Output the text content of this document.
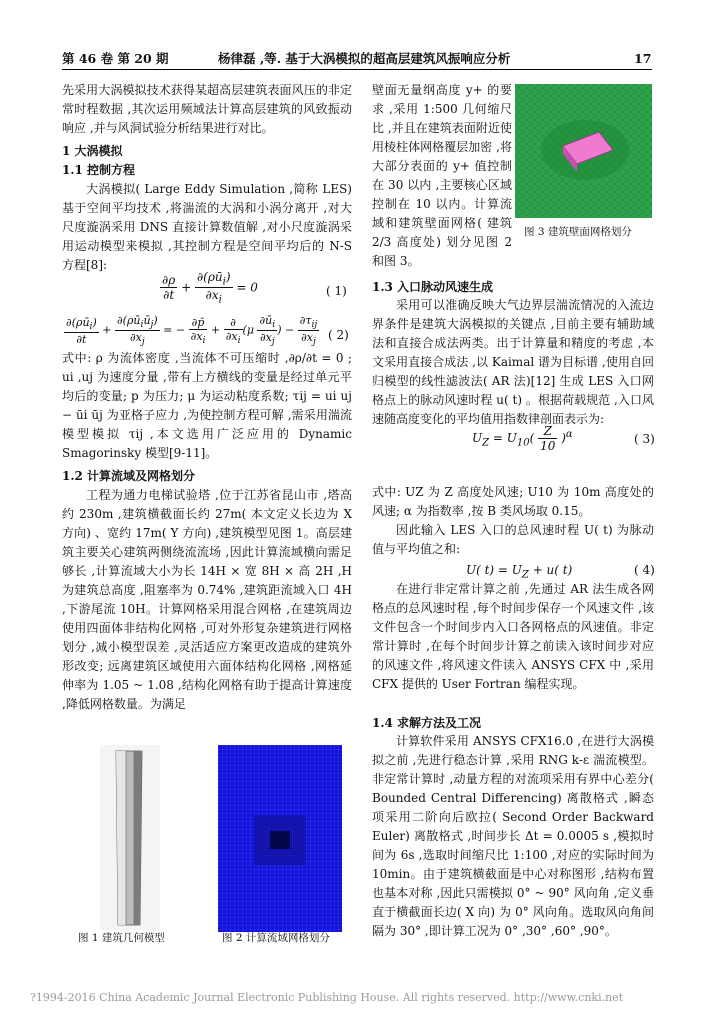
第 46 卷 第 20 期	杨律磊 ,等. 基于大涡模拟的超高层建筑风振响应分析	17

先采用大涡模拟技术获得某超高层建筑表面风压的非定常时程数据 ,其次运用频域法计算高层建筑的风致振动响应 ,并与风洞试验分析结果进行对比。

1 大涡模拟
1.1 控制方程

大涡模拟( Large Eddy Simulation ,简称 LES) 基于空间平均技术 ,将湍流的大涡和小涡分离开 ,对大尺度漩涡采用 DNS 直接计算数值解 ,对小尺度漩涡采用运动模型来模拟 ,其控制方程是空间平均后的 N-S 方程[8]:

$\frac{\partial\rho}{\partial t} + \frac{\partial(\rho ū_i)}{\partial x_i} = 0$	( 1)
$\frac{\partial(\rho ū_i)}{\partial t} + \frac{\partial(\rho ū_iū_j)}{\partial x_j}$ = − $\frac{\partial p̄}{\partial x_i} + \frac{\partial}{\partial x_i} (\mu \frac{\partial ū_i}{\partial x_j}$ ) − $\frac{\partial\tau_{ij}}{\partial x_j}$ ( 2)

式中: ρ 为流体密度 ,当流体不可压缩时 ,∂ρ/∂t = 0 ; ui ,uj 为速度分量 ,带有上方横线的变量是经过单元平均后的变量; p 为压力; μ 为运动粘度系数; τij = ui uj − ūi ūj 为亚格子应力 ,为使控制方程可解 ,需采用湍流模型模拟 τij ,本文选用广泛应用的 Dynamic Smagorinsky 模型[9-11]。

1.2 计算流域及网格划分

工程为通力电梯试验塔 ,位于江苏省昆山市 ,塔高约 230m ,建筑横截面长约 27m( 本文定义长边为 X 方向) 、宽约 17m( Y 方向) ,建筑模型见图 1。高层建筑主要关心建筑两侧绕流流场 ,因此计算流域横向需足够长 ,计算流域大小为长 14H × 宽 8H × 高 2H ,H 为建筑总高度 ,阻塞率为 0.74% ,建筑距流域入口 4H ,下游尾流 10H。计算网格采用混合网格 ,在建筑周边使用四面体非结构化网格 ,可对外形复杂建筑进行网格划分 ,减小模型误差 ,灵活适应方案更改造成的建筑外形改变; 远离建筑区域使用六面体结构化网格 ,网格延伸率为 1.05 ~ 1.08 ,结构化网格有助于提高计算速度 ,降低网格数量。为满足

图 1 建筑几何模型	图 2 计算流域网格划分

壁面无量纲高度 y+ 的要求 ,采用 1:500 几何缩尺比 ,并且在建筑表面附近使用棱柱体网格覆层加密 ,将大部分表面的 y+ 值控制在 30 以内 ,主要核心区域控制在 10 以内。计算流域和建筑壁面网格( 建筑 2/3 高度处) 划分见图 2 和图 3。

图 3 建筑壁面网格划分
1.3 入口脉动风速生成

采用可以准确反映大气边界层湍流情况的入流边界条件是建筑大涡模拟的关键点 ,目前主要有辅助域法和直接合成法两类。出于计算量和精度的考虑 ,本文采用直接合成法 ,以 Kaimal 谱为目标谱 ,使用自回归模型的线性滤波法( AR 法)[12] 生成 LES 入口网格点上的脉动风速时程 u( t) 。根据荷载规范 ,入口风速随高度变化的平均值用指数律剖面表示为:

$U_Z = U_{10}( \frac{Z}{10} )^\alpha$	( 3)

式中: UZ 为 Z 高度处风速; U10 为 10m 高度处的风速; α 为指数率 ,按 B 类风场取 0.15。

因此输入 LES 入口的总风速时程 U( t) 为脉动值与平均值之和:

U( $t) = U_Z + u$( t)	( 4)

在进行非定常计算之前 ,先通过 AR 法生成各网格点的总风速时程 ,每个时间步保存一个风速文件 ,该文件包含一个时间步内入口各网格点的风速值。非定常计算时 ,在每个时间步计算之前读入该时间步对应的风速文件 ,将风速文件读入 ANSYS CFX 中 ,采用 CFX 提供的 User Fortran 编程实现。

1.4 求解方法及工况

计算软件采用 ANSYS CFX16.0 ,在进行大涡模拟之前 ,先进行稳态计算 ,采用 RNG k-ε 湍流模型。非定常计算时 ,动量方程的对流项采用有界中心差分( Bounded Central Differencing) 离散格式 ,瞬态项采用二阶向后欧拉( Second Order Backward Euler) 离散格式 ,时间步长 Δt = 0.0005 s ,模拟时间为 6s ,选取时间缩尺比 1:100 ,对应的实际时间为 10min。由于建筑横截面是中心对称图形 ,结构布置也基本对称 ,因此只需模拟 0° ~ 90° 风向角 ,定义垂直于横截面长边( X 向) 为 0° 风向角。选取风向角间隔为 30° ,即计算工况为 0° ,30° ,60° ,90°。

?1994-2016 China Academic Journal Electronic Publishing House. All rights reserved. http://www.cnki.net
